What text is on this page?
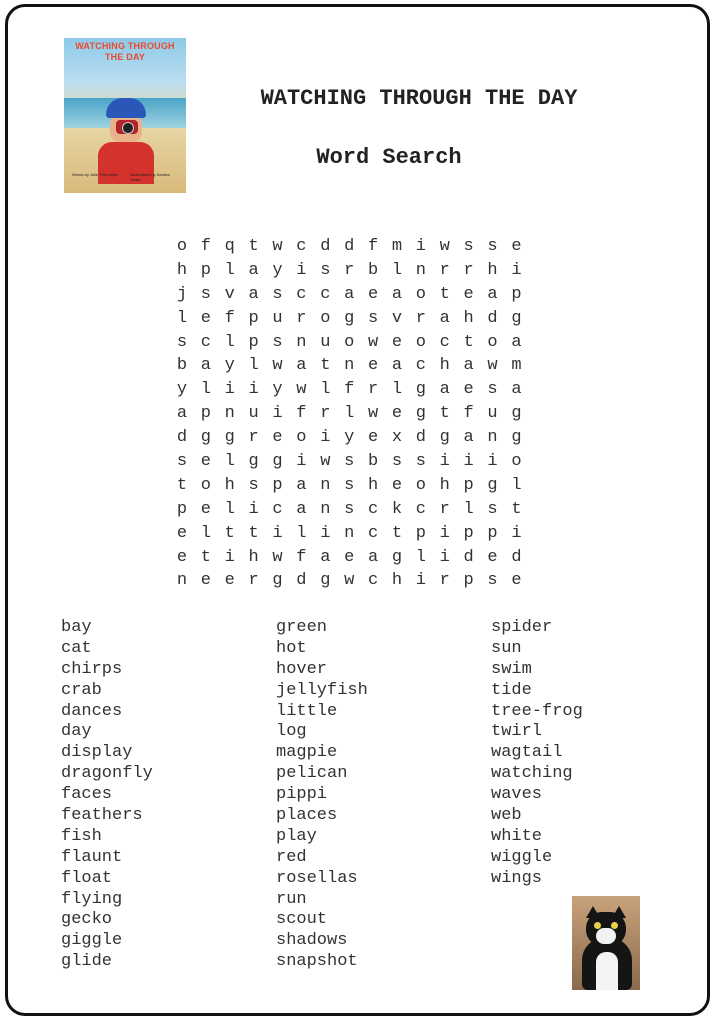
WATCHING THROUGH
THE DAY
Words by Julie Thorndyke	Illustrations by Sandra Vieira
WATCHING THROUGH THE DAY
Word Search
o f q t w c d d f m i w s s e
h p l a y i s r b l n r r h i
j s v a s c c a e a o t e a p
l e f p u r o g s v r a h d g
s c l p s n u o w e o c t o a
b a y l w a t n e a c h a w m
y l i i y w l f r l g a e s a
a p n u i f r l w e g t f u g
d g g r e o i y e x d g a n g
s e l g g i w s b s s i i i o
t o h s p a n s h е o h p g l
p e l i c a n s c k c r l s t
e l t t i l i n c t p i p p i
e t i h w f a e a g l i d e d
n e e r g d g w c h i r p s e
bay
cat
chirps
crab
dances
day
display
dragonfly
faces
feathers
fish
flaunt
float
flying
gecko
giggle
glide
green
hot
hover
jellyfish
little
log
magpie
pelican
pippi
places
play
red
rosellas
run
scout
shadows
snapshot
spider
sun
swim
tide
tree-frog
twirl
wagtail
watching
waves
web
white
wiggle
wings
